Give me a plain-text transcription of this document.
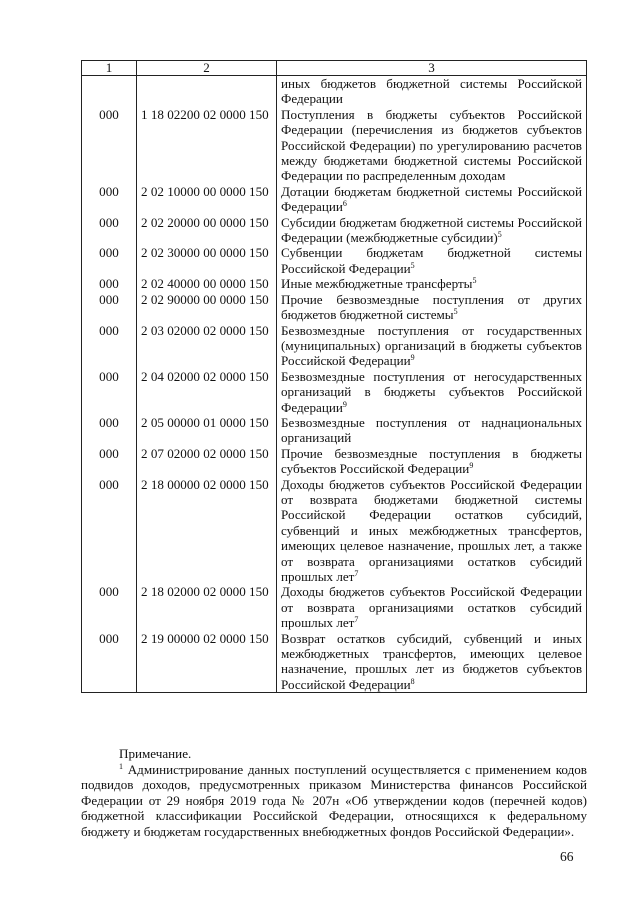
1	2	3
		иных бюджетов бюджетной системы Российской Федерации
000	1 18 02200 02 0000 150	Поступления в бюджеты субъектов Российской Федерации (перечисления из бюджетов субъектов Российской Федерации) по урегулированию расчетов между бюджетами бюджетной системы Российской Федерации по распределенным доходам
000	2 02 10000 00 0000 150	Дотации бюджетам бюджетной системы Российской Федерации$^6$
000	2 02 20000 00 0000 150	Субсидии бюджетам бюджетной системы Российской Федерации (межбюджетные субсидии)$^5$
000	2 02 30000 00 0000 150	Субвенции бюджетам бюджетной системы Российской Федерации$^5$
000	2 02 40000 00 0000 150	Иные межбюджетные трансферты$^5$
000	2 02 90000 00 0000 150	Прочие безвозмездные поступления от других бюджетов бюджетной системы$^5$
000	2 03 02000 02 0000 150	Безвозмездные поступления от государственных (муниципальных) организаций в бюджеты субъектов Российской Федерации$^9$
000	2 04 02000 02 0000 150	Безвозмездные поступления от негосударственных организаций в бюджеты субъектов Российской Федерации$^9$
000	2 05 00000 01 0000 150	Безвозмездные поступления от наднациональных организаций
000	2 07 02000 02 0000 150	Прочие безвозмездные поступления в бюджеты субъектов Российской Федерации$^9$
000	2 18 00000 02 0000 150	Доходы бюджетов субъектов Российской Федерации от возврата бюджетами бюджетной системы Российской Федерации остатков субсидий, субвенций и иных межбюджетных трансфертов, имеющих целевое назначение, прошлых лет, а также от возврата организациями остатков субсидий прошлых лет$^7$
000	2 18 02000 02 0000 150	Доходы бюджетов субъектов Российской Федерации от возврата организациями остатков субсидий прошлых лет$^7$
000	2 19 00000 02 0000 150	Возврат остатков субсидий, субвенций и иных межбюджетных трансфертов, имеющих целевое назначение, прошлых лет из бюджетов субъектов Российской Федерации$^8$
Примечание.

$^1$ Администрирование данных поступлений осуществляется с применением кодов подвидов доходов, предусмотренных приказом Министерства финансов Российской Федерации от 29 ноября 2019 года № 207н «Об утверждении кодов (перечней кодов) бюджетной классификации Российской Федерации, относящихся к федеральному бюджету и бюджетам государственных внебюджетных фондов Российской Федерации».

66
